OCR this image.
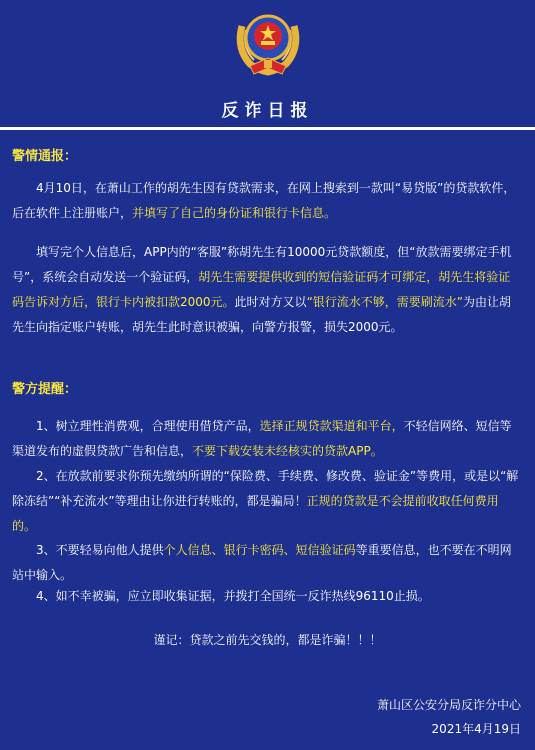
反诈日报
警情通报：

4月10日，在萧山工作的胡先生因有贷款需求，在网上搜索到一款叫“易贷版”的贷款软件，后在软件上注册账户，并填写了自己的身份证和银行卡信息。

填写完个人信息后，APP内的“客服”称胡先生有10000元贷款额度，但“放款需要绑定手机号”，系统会自动发送一个验证码，胡先生需要提供收到的短信验证码才可绑定，胡先生将验证码告诉对方后，银行卡内被扣款2000元。此时对方又以“银行流水不够，需要刷流水”为由让胡先生向指定账户转账，胡先生此时意识被骗，向警方报警，损失2000元。

警方提醒：

1、树立理性消费观，合理使用借贷产品，选择正规贷款渠道和平台，不轻信网络、短信等渠道发布的虚假贷款广告和信息，不要下载安装未经核实的贷款APP。

2、在放款前要求你预先缴纳所谓的“保险费、手续费、修改费、验证金”等费用，或是以“解除冻结”“补充流水”等理由让你进行转账的，都是骗局！正规的贷款是不会提前收取任何费用的。

3、不要轻易向他人提供个人信息、银行卡密码、短信验证码等重要信息，也不要在不明网站中输入。

4、如不幸被骗，应立即收集证据，并拨打全国统一反诈热线96110止损。

谨记：贷款之前先交钱的，都是诈骗！！！
萧山区公安分局反诈分中心
2021年4月19日
